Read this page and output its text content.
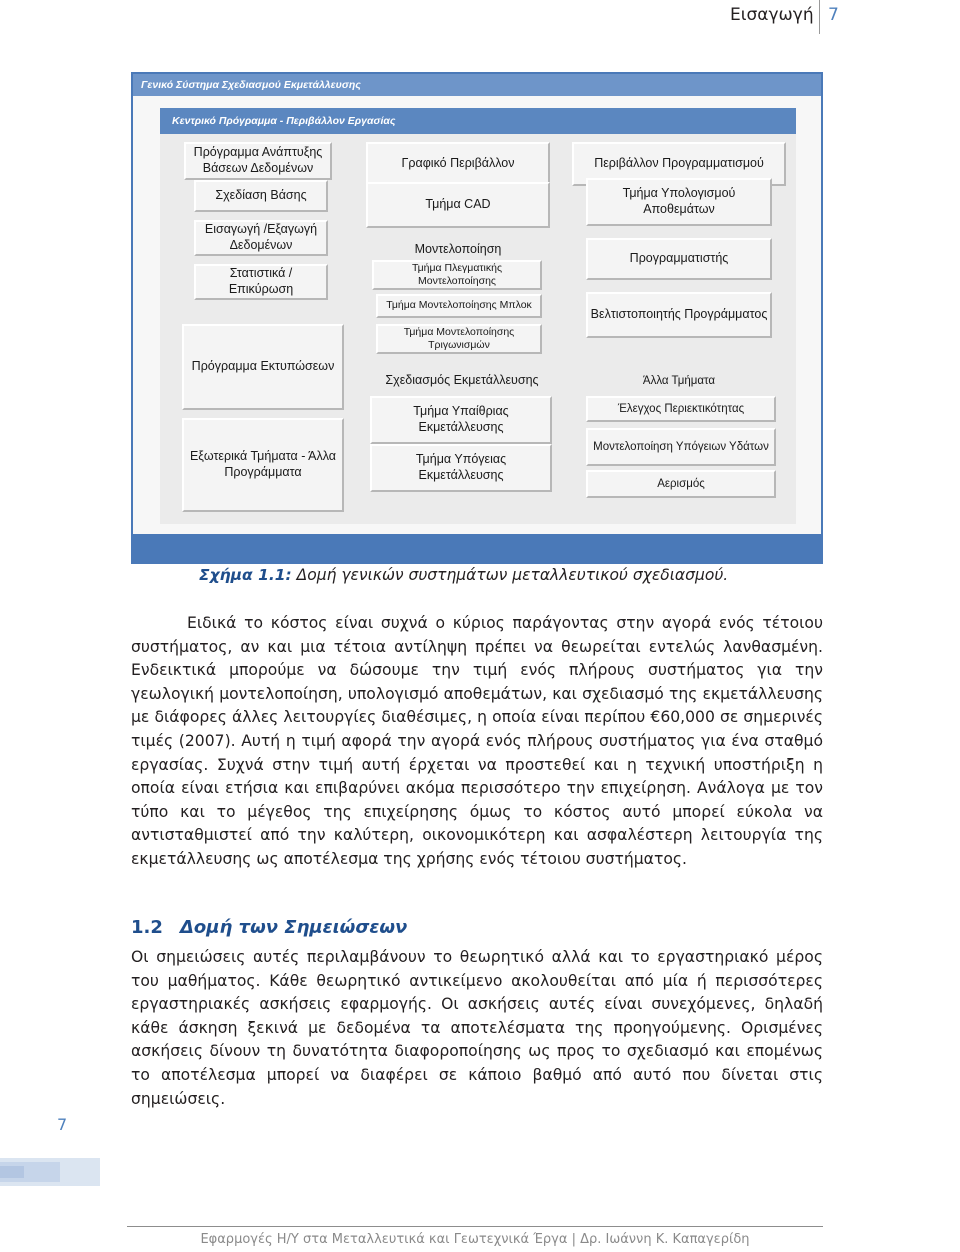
Εισαγωγή 7
Γενικό Σύστημα Σχεδιασμού Εκμετάλλευσης
Κεντρικό Πρόγραμμα - Περιβάλλον Εργασίας
Πρόγραμμα Ανάπτυξης Βάσεων Δεδομένων
Σχεδίαση Βάσης
Εισαγωγή /Εξαγωγή Δεδομένων
Στατιστικά / Επικύρωση
Πρόγραμμα Εκτυπώσεων
Εξωτερικά Τμήματα - Άλλα Προγράμματα
Γραφικό Περιβάλλον
Τμήμα CAD
Μοντελοποίηση
Τμήμα Πλεγματικής Μοντελοποίησης
Τμήμα Μοντελοποίησης Μπλοκ
Τμήμα Μοντελοποίησης Τριγωνισμών
Σχεδιασμός Εκμετάλλευσης
Τμήμα Υπαίθριας Εκμετάλλευσης
Τμήμα Υπόγειας Εκμετάλλευσης
Περιβάλλον Προγραμματισμού
Τμήμα Υπολογισμού Αποθεμάτων
Προγραμματιστής
Βελτιστοποιητής Προγράμματος
Άλλα Τμήματα
Έλεγχος Περιεκτικότητας
Μοντελοποίηση Υπόγειων Υδάτων
Αερισμός
Σχήμα 1.1: Δομή γενικών συστημάτων μεταλλευτικού σχεδιασμού.

Ειδικά το κόστος είναι συχνά ο κύριος παράγοντας στην αγορά ενός τέτοιου συστήματος, αν και μια τέτοια αντίληψη πρέπει να θεωρείται εντελώς λανθασμένη. Ενδεικτικά μπορούμε να δώσουμε την τιμή ενός πλήρους συστήματος για την γεωλογική μοντελοποίηση, υπολογισμό αποθεμάτων, και σχεδιασμό της εκμετάλλευσης με διάφορες άλλες λειτουργίες διαθέσιμες, η οποία είναι περίπου €60,000 σε σημερινές τιμές (2007). Αυτή η τιμή αφορά την αγορά ενός πλήρους συστήματος για ένα σταθμό εργασίας. Συχνά στην τιμή αυτή έρχεται να προστεθεί και η τεχνική υποστήριξη η οποία είναι ετήσια και επιβαρύνει ακόμα περισσότερο την επιχείρηση. Ανάλογα με τον τύπο και το μέγεθος της επιχείρησης όμως το κόστος αυτό μπορεί εύκολα να αντισταθμιστεί από την καλύτερη, οικονομικότερη και ασφαλέστερη λειτουργία της εκμετάλλευσης ως αποτέλεσμα της χρήσης ενός τέτοιου συστήματος.

1.2 Δομή των Σημειώσεων

Οι σημειώσεις αυτές περιλαμβάνουν το θεωρητικό αλλά και το εργαστηριακό μέρος του μαθήματος. Κάθε θεωρητικό αντικείμενο ακολουθείται από μία ή περισσότερες εργαστηριακές ασκήσεις εφαρμογής. Οι ασκήσεις αυτές είναι συνεχόμενες, δηλαδή κάθε άσκηση ξεκινά με δεδομένα τα αποτελέσματα της προηγούμενης. Ορισμένες ασκήσεις δίνουν τη δυνατότητα διαφοροποίησης ως προς το σχεδιασμό και επομένως το αποτέλεσμα μπορεί να διαφέρει σε κάποιο βαθμό από αυτό που δίνεται στις σημειώσεις.

7
Εφαρμογές Η/Υ στα Μεταλλευτικά και Γεωτεχνικά Έργα | Δρ. Ιωάννη Κ. Καπαγερίδη
